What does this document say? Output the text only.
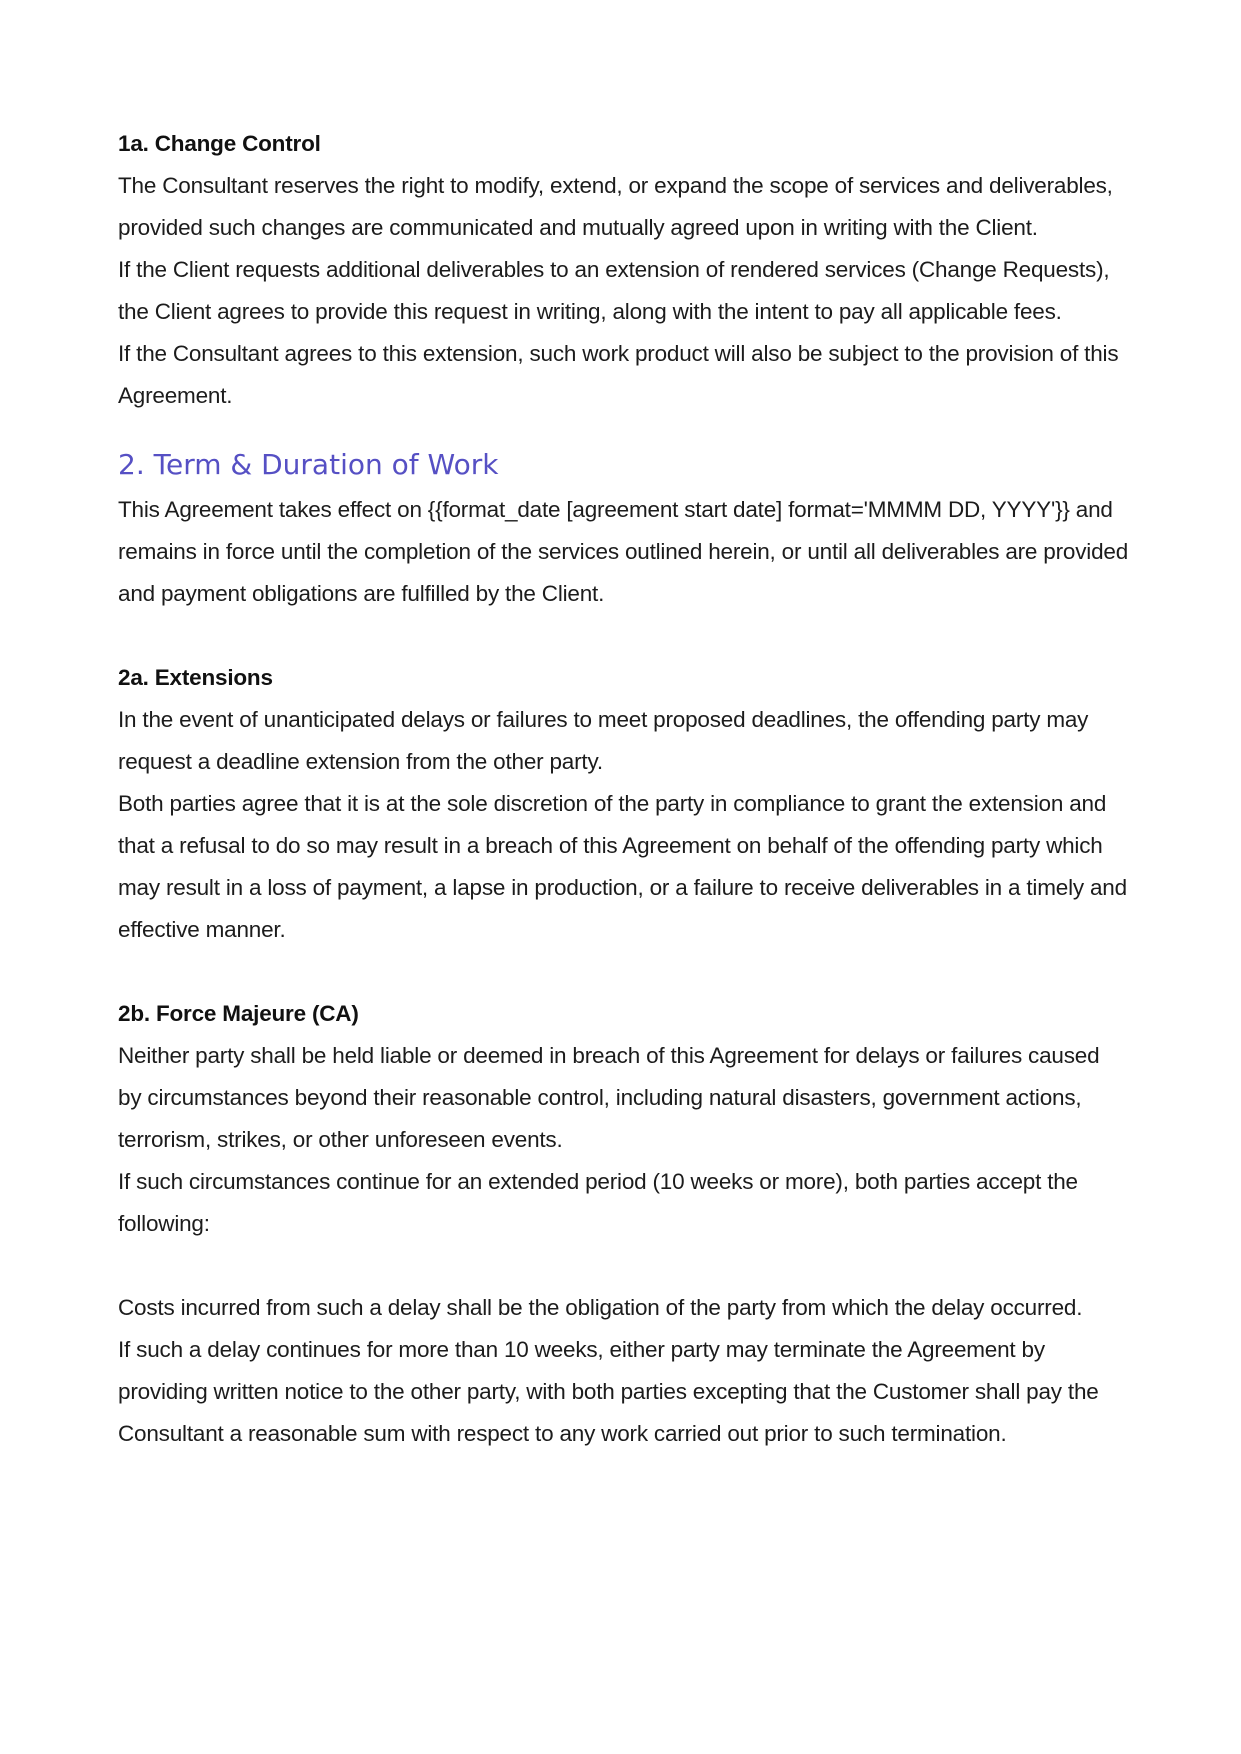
1a. Change Control

The Consultant reserves the right to modify, extend, or expand the scope of services and deliverables, provided such changes are communicated and mutually agreed upon in writing with the Client.

If the Client requests additional deliverables to an extension of rendered services (Change Requests), the Client agrees to provide this request in writing, along with the intent to pay all applicable fees.

If the Consultant agrees to this extension, such work product will also be subject to the provision of this Agreement.

2. Term & Duration of Work

This Agreement takes effect on {{format_date [agreement start date] format='MMMM DD, YYYY'}} and remains in force until the completion of the services outlined herein, or until all deliverables are provided and payment obligations are fulfilled by the Client.

2a. Extensions

In the event of unanticipated delays or failures to meet proposed deadlines, the offending party may request a deadline extension from the other party.

Both parties agree that it is at the sole discretion of the party in compliance to grant the extension and that a refusal to do so may result in a breach of this Agreement on behalf of the offending party which may result in a loss of payment, a lapse in production, or a failure to receive deliverables in a timely and effective manner.

2b. Force Majeure (CA)

Neither party shall be held liable or deemed in breach of this Agreement for delays or failures caused by circumstances beyond their reasonable control, including natural disasters, government actions, terrorism, strikes, or other unforeseen events.

If such circumstances continue for an extended period (10 weeks or more), both parties accept the following:

Costs incurred from such a delay shall be the obligation of the party from which the delay occurred.

If such a delay continues for more than 10 weeks, either party may terminate the Agreement by providing written notice to the other party, with both parties excepting that the Customer shall pay the Consultant a reasonable sum with respect to any work carried out prior to such termination.
